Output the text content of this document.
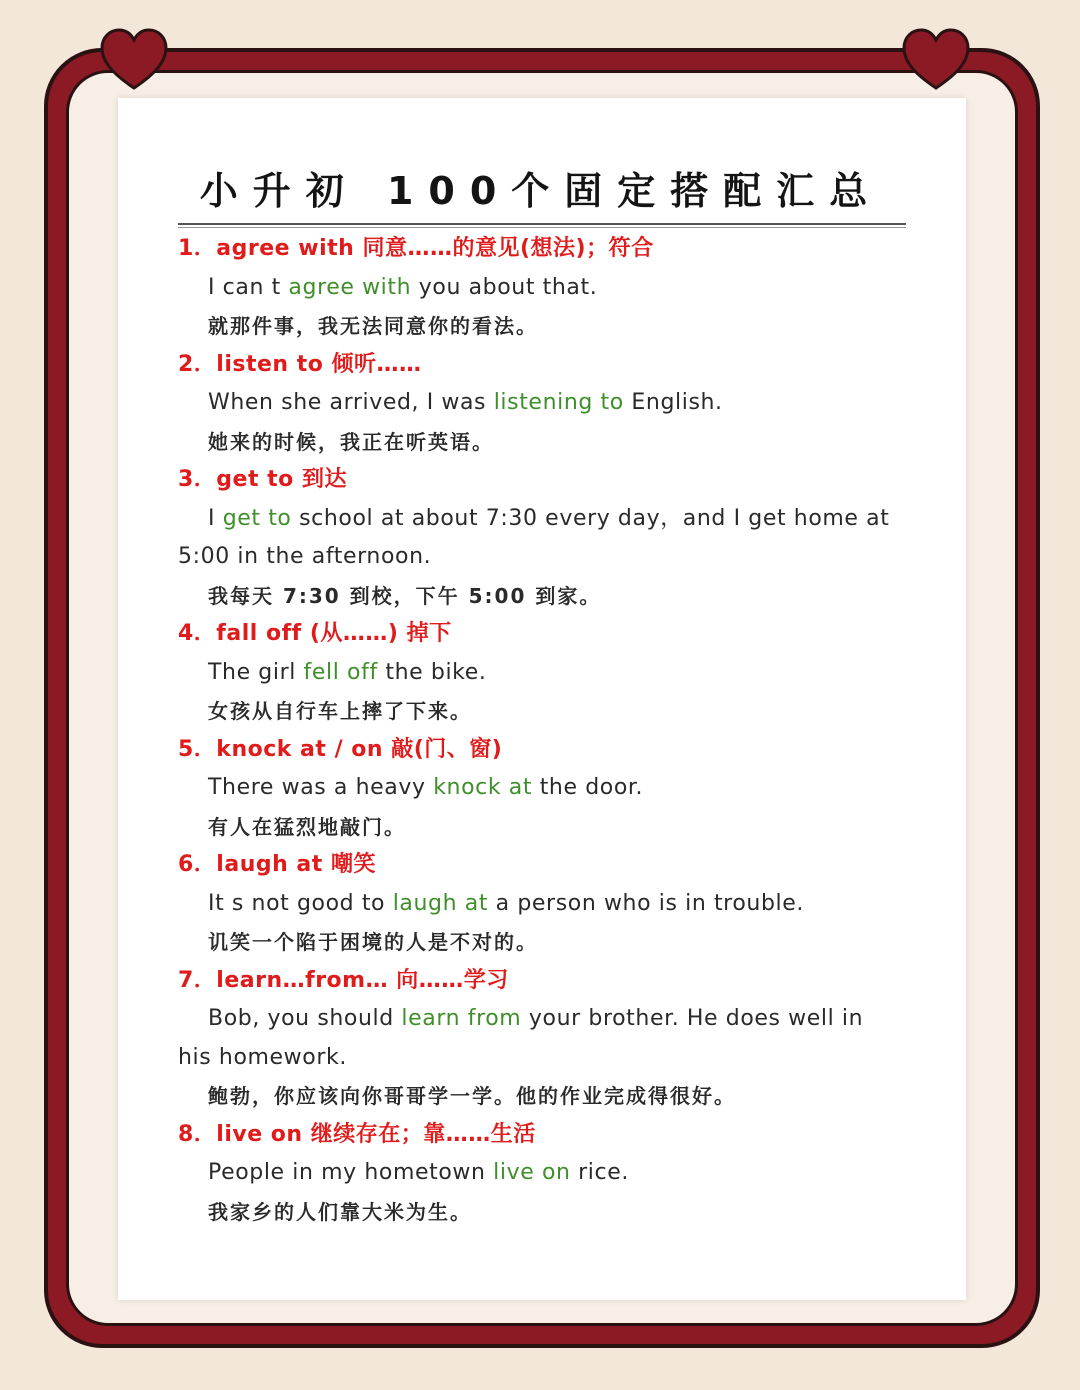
小升初 100个固定搭配汇总
1．agree with 同意……的意见(想法)；符合
I can t agree with you about that.
就那件事，我无法同意你的看法。
2．listen to 倾听……
When she arrived, I was listening to English.
她来的时候，我正在听英语。
3．get to 到达
I get to school at about 7:30 every day，and I get home at
5:00 in the afternoon.
我每天 7:30 到校，下午 5:00 到家。
4．fall off (从……) 掉下
The girl fell off the bike.
女孩从自行车上摔了下来。
5．knock at / on 敲(门、窗)
There was a heavy knock at the door.
有人在猛烈地敲门。
6．laugh at 嘲笑
It s not good to laugh at a person who is in trouble.
讥笑一个陷于困境的人是不对的。
7．learn…from… 向……学习
Bob, you should learn from your brother. He does well in
his homework.
鲍勃，你应该向你哥哥学一学。他的作业完成得很好。
8．live on 继续存在；靠……生活
People in my hometown live on rice.
我家乡的人们靠大米为生。
